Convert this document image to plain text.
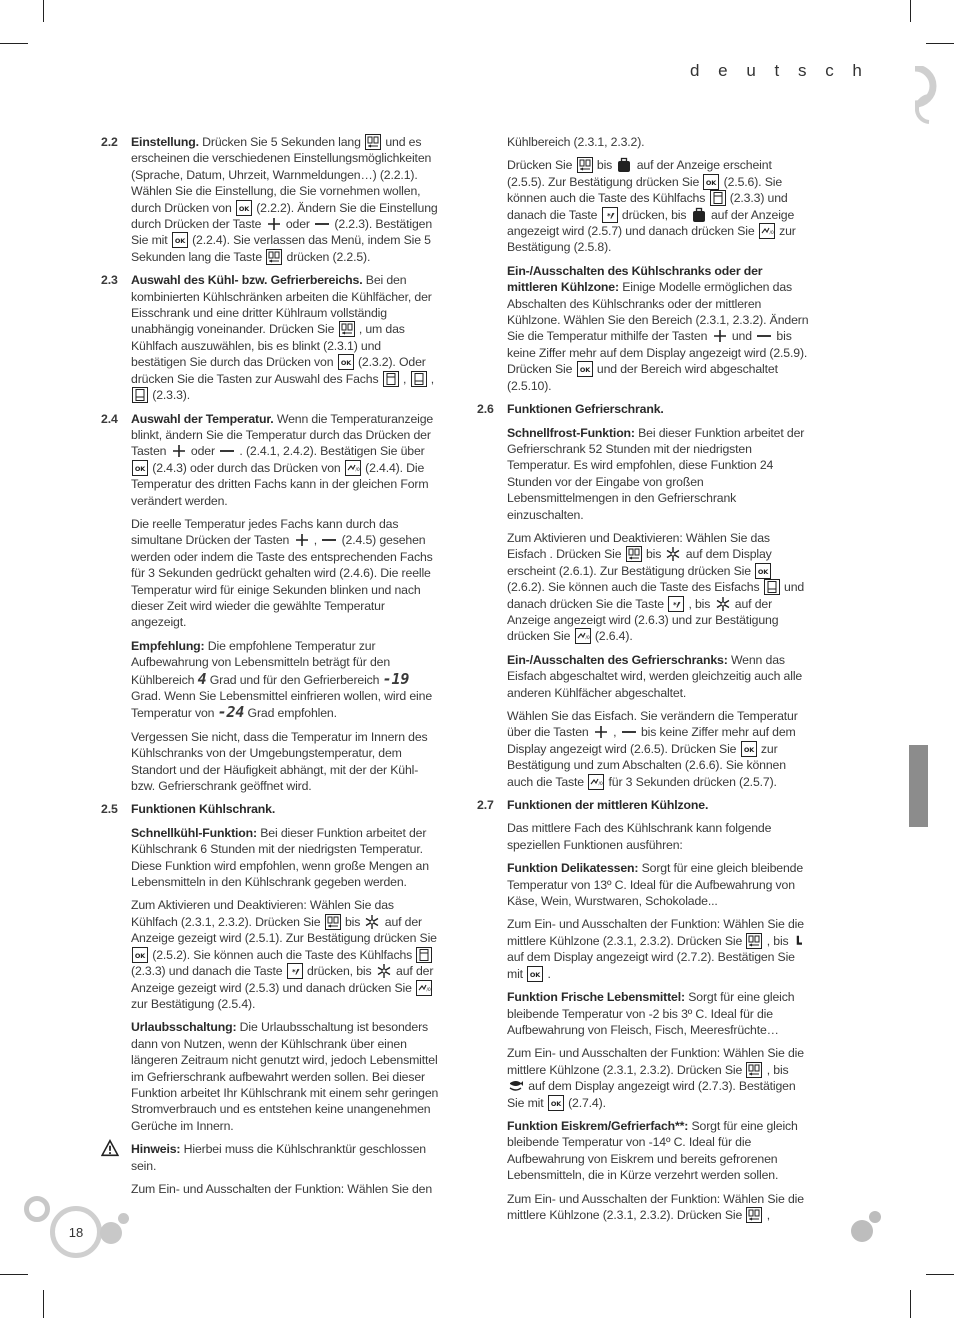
d e u t s c h
2.2	Einstellung. Drücken Sie 5 Sekunden lang  und es erscheinen die verschiedenen Einstellungsmöglichkeiten (Sprache, Datum, Uhrzeit, Warnmeldungen…) (2.2.1). Wählen Sie die Einstellung, die Sie vornehmen wollen, durch Drücken von  (2.2.2). Ändern Sie die Einstellung durch Drücken der Taste  oder  (2.2.3). Bestätigen Sie mit  (2.2.4). Sie verlassen das Menü, indem Sie 5 Sekunden lang die Taste  drücken (2.2.5).
2.3	Auswahl des Kühl- bzw. Gefrierbereichs. Bei den kombinierten Kühlschränken arbeiten die Kühlfächer, der Eisschrank und eine dritter Kühlraum vollständig unabhängig voneinander. Drücken Sie  , um das Kühlfach auszuwählen, bis es blinkt (2.3.1) und bestätigen Sie durch das Drücken von  (2.3.2). Oder drücken Sie die Tasten zur Auswahl des Fachs  ,  ,
(2.3.3).
2.4	Auswahl der Temperatur. Wenn die Temperaturanzeige blinkt, ändern Sie die Temperatur durch das Drücken der Tasten  oder  . (2.4.1, 2.4.2). Bestätigen Sie über  (2.4.3) oder durch das Drücken von  (2.4.4). Die Temperatur des dritten Fachs kann in der gleichen Form verändert werden.

Die reelle Temperatur jedes Fachs kann durch das simultane Drücken der Tasten  ,  (2.4.5) gesehen werden oder indem die Taste des entsprechenden Fachs für 3 Sekunden gedrückt gehalten wird (2.4.6). Die reelle Temperatur wird für einige Sekunden blinken und nach dieser Zeit wird wieder die gewählte Temperatur angezeigt.

Empfehlung: Die empfohlene Temperatur zur Aufbewahrung von Lebensmitteln beträgt für den Kühlbereich 4 Grad und für den Gefrierbereich -19 Grad. Wenn Sie Lebensmittel einfrieren wollen, wird eine Temperatur von -24 Grad empfohlen.

Vergessen Sie nicht, dass die Temperatur im Innern des Kühlschranks von der Umgebungstemperatur, dem Standort und der Häufigkeit abhängt, mit der der Kühl- bzw. Gefrierschrank geöffnet wird.

2.5	Funktionen Kühlschrank.

Schnellkühl-Funktion: Bei dieser Funktion arbeitet der Kühlschrank 6 Stunden mit der niedrigsten Temperatur. Diese Funktion wird empfohlen, wenn große Mengen an Lebensmitteln in den Kühlschrank gegeben werden.

Zum Aktivieren und Deaktivieren: Wählen Sie das Kühlfach (2.3.1, 2.3.2). Drücken Sie  bis  auf der Anzeige gezeigt wird (2.5.1). Zur Bestätigung drücken Sie  (2.5.2). Sie können auch die Taste des Kühlfachs  (2.3.3) und danach die Taste  drücken, bis  auf der Anzeige gezeigt wird (2.5.3) und danach drücken Sie  zur Bestätigung (2.5.4).

Urlaubsschaltung: Die Urlaubsschaltung ist besonders dann von Nutzen, wenn der Kühlschrank über einen längeren Zeitraum nicht genutzt wird, jedoch Lebensmittel im Gefrierschrank aufbewahrt werden sollen. Bei dieser Funktion arbeitet Ihr Kühlschrank mit einem sehr geringen Stromverbrauch und es entstehen keine unangenehmen Gerüche im Innern.

Hinweis: Hierbei muss die Kühlschranktür geschlossen sein.

Zum Ein- und Ausschalten der Funktion: Wählen Sie den

Kühlbereich (2.3.1, 2.3.2).

Drücken Sie  bis  auf der Anzeige erscheint (2.5.5). Zur Bestätigung drücken Sie  (2.5.6). Sie können auch die Taste des Kühlfachs  (2.3.3) und danach die Taste  drücken, bis  auf der Anzeige angezeigt wird (2.5.7) und danach drücken Sie  zur Bestätigung (2.5.8).

Ein-/Ausschalten des Kühlschranks oder der mittleren Kühlzone: Einige Modelle ermöglichen das Abschalten des Kühlschranks oder der mittleren Kühlzone. Wählen Sie den Bereich (2.3.1, 2.3.2). Ändern Sie die Temperatur mithilfe der Tasten  und  bis keine Ziffer mehr auf dem Display angezeigt wird (2.5.9). Drücken Sie  und der Bereich wird abgeschaltet (2.5.10).

2.6	Funktionen Gefrierschrank.

Schnellfrost-Funktion: Bei dieser Funktion arbeitet der Gefrierschrank 52 Stunden mit der niedrigsten Temperatur. Es wird empfohlen, diese Funktion 24 Stunden vor der Eingabe von großen Lebensmittelmengen in den Gefrierschrank einzuschalten.

Zum Aktivieren und Deaktivieren: Wählen Sie das Eisfach . Drücken Sie  bis  auf dem Display erscheint (2.6.1). Zur Bestätigung drücken Sie  (2.6.2). Sie können auch die Taste des Eisfachs  und danach drücken Sie die Taste  , bis  auf der Anzeige angezeigt wird (2.6.3) und zur Bestätigung drücken Sie  (2.6.4).

Ein-/Ausschalten des Gefrierschranks: Wenn das Eisfach abgeschaltet wird, werden gleichzeitig auch alle anderen Kühlfächer abgeschaltet.

Wählen Sie das Eisfach. Sie verändern die Temperatur über die Tasten  ,  bis keine Ziffer mehr auf dem Display angezeigt wird (2.6.5). Drücken Sie  zur Bestätigung und zum Abschalten (2.6.6). Sie können auch die Taste  für 3 Sekunden drücken (2.5.7).

2.7	Funktionen der mittleren Kühlzone.

Das mittlere Fach des Kühlschrank kann folgende speziellen Funktionen ausführen:

Funktion Delikatessen: Sorgt für eine gleich bleibende Temperatur von 13º C. Ideal für die Aufbewahrung von Käse, Wein, Wurstwaren, Schokolade...

Zum Ein- und Ausschalten der Funktion: Wählen Sie die mittlere Kühlzone (2.3.1, 2.3.2). Drücken Sie  , bis  auf dem Display angezeigt wird (2.7.2). Bestätigen Sie mit  .

Funktion Frische Lebensmittel: Sorgt für eine gleich bleibende Temperatur von -2 bis 3º C. Ideal für die Aufbewahrung von Fleisch, Fisch, Meeresfrüchte…

Zum Ein- und Ausschalten der Funktion: Wählen Sie die mittlere Kühlzone (2.3.1, 2.3.2). Drücken Sie  , bis  auf dem Display angezeigt wird (2.7.3). Bestätigen Sie mit  (2.7.4).

Funktion Eiskrem/Gefrierfach**: Sorgt für eine gleich bleibende Temperatur von -14º C. Ideal für die Aufbewahrung von Eiskrem und bereits gefrorenen Lebensmitteln, die in Kürze verzehrt werden sollen.

Zum Ein- und Ausschalten der Funktion: Wählen Sie die mittlere Kühlzone (2.3.1, 2.3.2). Drücken Sie  ,

18
